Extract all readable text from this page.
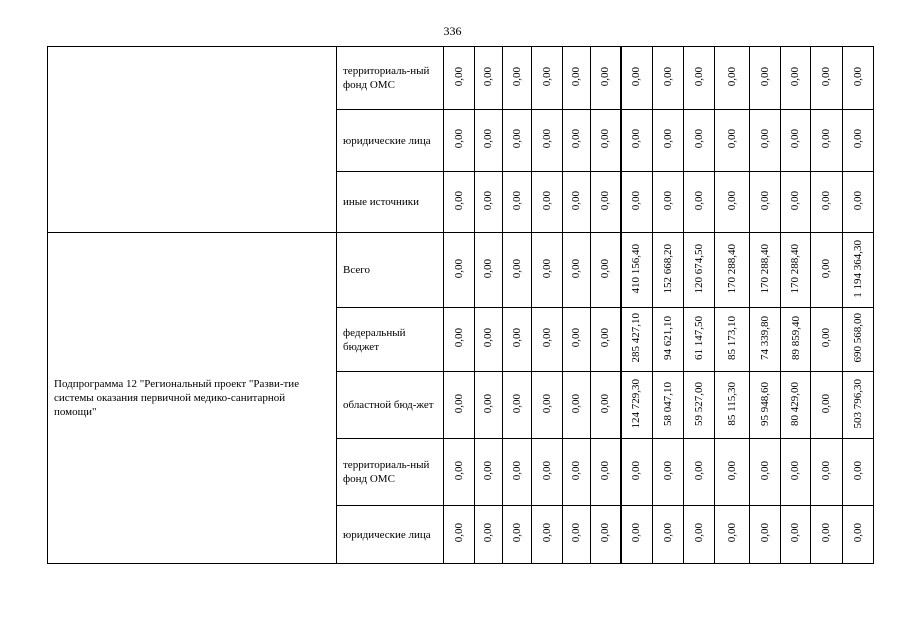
336
	территориаль-ный фонд ОМС	0,00	0,00	0,00	0,00	0,00	0,00	0,00	0,00	0,00	0,00	0,00	0,00	0,00	0,00
	юридические лица	0,00	0,00	0,00	0,00	0,00	0,00	0,00	0,00	0,00	0,00	0,00	0,00	0,00	0,00
	иные источники	0,00	0,00	0,00	0,00	0,00	0,00	0,00	0,00	0,00	0,00	0,00	0,00	0,00	0,00
Подпрограмма 12 "Региональный проект "Разви-тие системы оказания первичной медико-санитарной помощи"	Всего	0,00	0,00	0,00	0,00	0,00	0,00	410 156,40	152 668,20	120 674,50	170 288,40	170 288,40	170 288,40	0,00	1 194 364,30
	федеральный бюджет	0,00	0,00	0,00	0,00	0,00	0,00	285 427,10	94 621,10	61 147,50	85 173,10	74 339,80	89 859,40	0,00	690 568,00
	областной бюд-жет	0,00	0,00	0,00	0,00	0,00	0,00	124 729,30	58 047,10	59 527,00	85 115,30	95 948,60	80 429,00	0,00	503 796,30
	территориаль-ный фонд ОМС	0,00	0,00	0,00	0,00	0,00	0,00	0,00	0,00	0,00	0,00	0,00	0,00	0,00	0,00
	юридические лица	0,00	0,00	0,00	0,00	0,00	0,00	0,00	0,00	0,00	0,00	0,00	0,00	0,00	0,00
